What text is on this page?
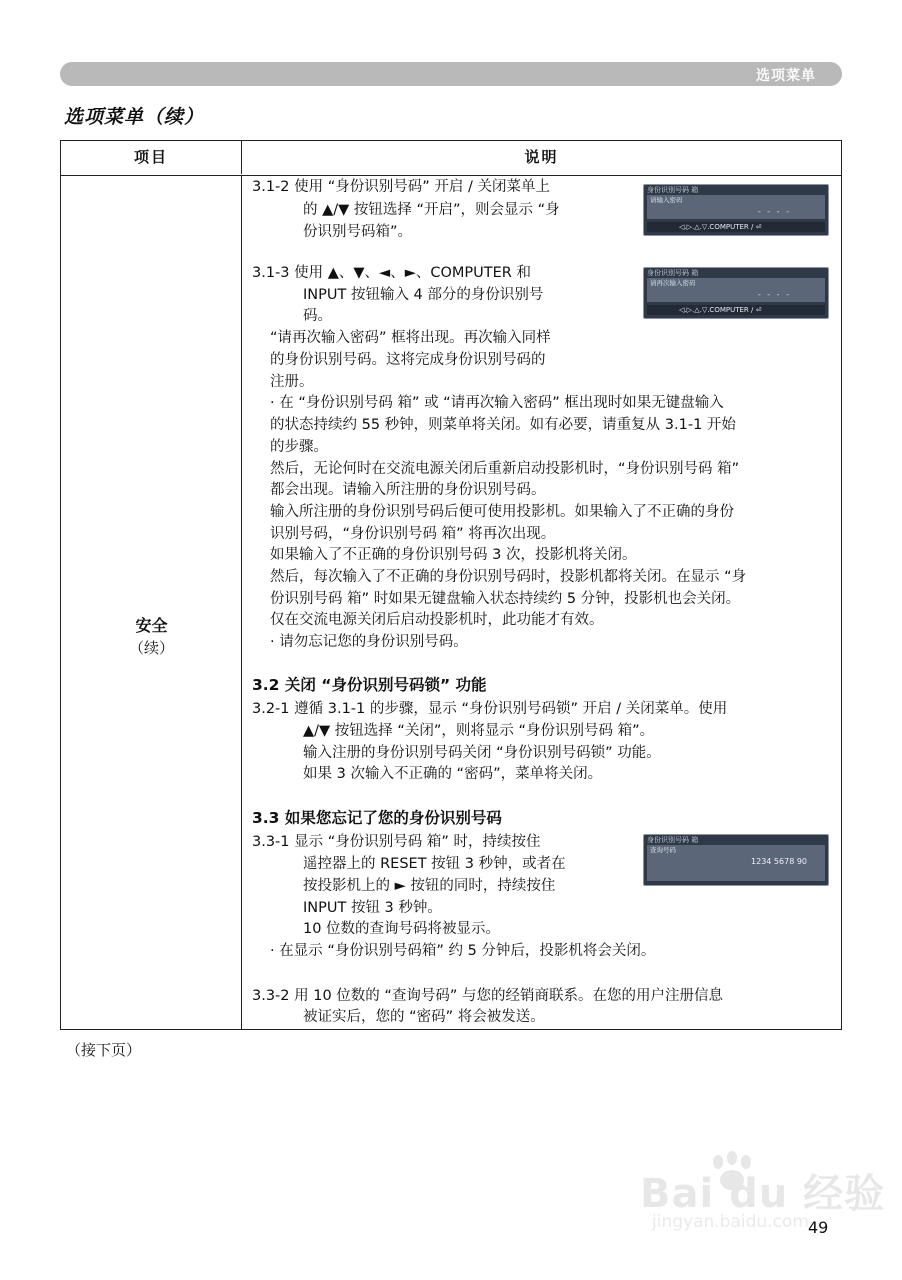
选项菜单
选项菜单（续）
项目	说明
安全
（续）
3.1-2 使用 “身份识别号码” 开启 / 关闭菜单上
的 ▲/▼ 按钮选择 “开启”，则会显示 “身
份识别号码箱”。
身份识别号码 箱
请输入密码
- - - -
◁.▷.△.▽.COMPUTER / ⏎
3.1-3 使用 ▲、▼、◄、►、COMPUTER 和
INPUT 按钮输入 4 部分的身份识别号
码。
“请再次输入密码” 框将出现。再次输入同样
的身份识别号码。这将完成身份识别号码的
注册。
· 在 “身份识别号码 箱” 或 “请再次输入密码” 框出现时如果无键盘输入
的状态持续约 55 秒钟，则菜单将关闭。如有必要，请重复从 3.1-1 开始
的步骤。
然后，无论何时在交流电源关闭后重新启动投影机时，“身份识别号码 箱”
都会出现。请输入所注册的身份识别号码。
输入所注册的身份识别号码后便可使用投影机。如果输入了不正确的身份
识别号码，“身份识别号码 箱” 将再次出现。
如果输入了不正确的身份识别号码 3 次，投影机将关闭。
然后，每次输入了不正确的身份识别号码时，投影机都将关闭。在显示 “身
份识别号码 箱” 时如果无键盘输入状态持续约 5 分钟，投影机也会关闭。
仅在交流电源关闭后启动投影机时，此功能才有效。
· 请勿忘记您的身份识别号码。
身份识别号码 箱
请再次输入密码
- - - -
◁.▷.△.▽.COMPUTER / ⏎
3.2 关闭 “身份识别号码锁” 功能
3.2-1 遵循 3.1-1 的步骤，显示 “身份识别号码锁” 开启 / 关闭菜单。使用
▲/▼ 按钮选择 “关闭”，则将显示 “身份识别号码 箱”。
输入注册的身份识别号码关闭 “身份识别号码锁” 功能。
如果 3 次输入不正确的 “密码”，菜单将关闭。
3.3 如果您忘记了您的身份识别号码
3.3-1 显示 “身份识别号码 箱” 时，持续按住
遥控器上的 RESET 按钮 3 秒钟，或者在
按投影机上的 ► 按钮的同时，持续按住
INPUT 按钮 3 秒钟。
10 位数的查询号码将被显示。
· 在显示 “身份识别号码箱” 约 5 分钟后，投影机将会关闭。
身份识别号码 箱
查询号码
1234 5678 90
3.3-2 用 10 位数的 “查询号码” 与您的经销商联系。在您的用户注册信息
被证实后，您的 “密码” 将会被发送。
（接下页）
Bai du 经验
jingyan.baidu.com 49
